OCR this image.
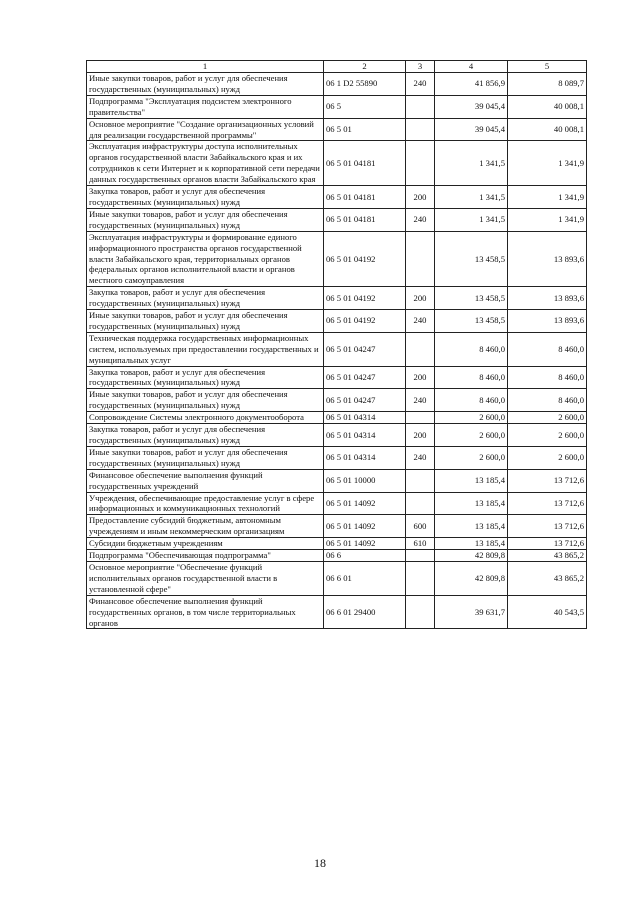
1	2	3	4	5
Иные закупки товаров, работ и услуг для обеспечения государственных (муниципальных) нужд	06 1 D2 55890	240	41 856,9	8 089,7
Подпрограмма "Эксплуатация подсистем электронного правительства"	06 5		39 045,4	40 008,1
Основное мероприятие "Создание организационных условий для реализации государственной программы"	06 5 01		39 045,4	40 008,1
Эксплуатация инфраструктуры доступа исполнительных органов государственной власти Забайкальского края и их сотрудников к сети Интернет и к корпоративной сети передачи данных государственных органов власти Забайкальского края	06 5 01 04181		1 341,5	1 341,9
Закупка товаров, работ и услуг для обеспечения государственных (муниципальных) нужд	06 5 01 04181	200	1 341,5	1 341,9
Иные закупки товаров, работ и услуг для обеспечения государственных (муниципальных) нужд	06 5 01 04181	240	1 341,5	1 341,9
Эксплуатация инфраструктуры и формирование единого информационного пространства органов государственной власти Забайкальского края, территориальных органов федеральных органов исполнительной власти и органов местного самоуправления	06 5 01 04192		13 458,5	13 893,6
Закупка товаров, работ и услуг для обеспечения государственных (муниципальных) нужд	06 5 01 04192	200	13 458,5	13 893,6
Иные закупки товаров, работ и услуг для обеспечения государственных (муниципальных) нужд	06 5 01 04192	240	13 458,5	13 893,6
Техническая поддержка государственных информационных систем, используемых при предоставлении государственных и муниципальных услуг	06 5 01 04247		8 460,0	8 460,0
Закупка товаров, работ и услуг для обеспечения государственных (муниципальных) нужд	06 5 01 04247	200	8 460,0	8 460,0
Иные закупки товаров, работ и услуг для обеспечения государственных (муниципальных) нужд	06 5 01 04247	240	8 460,0	8 460,0
Сопровождение Системы электронного документооборота	06 5 01 04314		2 600,0	2 600,0
Закупка товаров, работ и услуг для обеспечения государственных (муниципальных) нужд	06 5 01 04314	200	2 600,0	2 600,0
Иные закупки товаров, работ и услуг для обеспечения государственных (муниципальных) нужд	06 5 01 04314	240	2 600,0	2 600,0
Финансовое обеспечение выполнения функций государственных учреждений	06 5 01 10000		13 185,4	13 712,6
Учреждения, обеспечивающие предоставление услуг в сфере информационных и коммуникационных технологий	06 5 01 14092		13 185,4	13 712,6
Предоставление субсидий бюджетным, автономным учреждениям и иным некоммерческим организациям	06 5 01 14092	600	13 185,4	13 712,6
Субсидии бюджетным учреждениям	06 5 01 14092	610	13 185,4	13 712,6
Подпрограмма "Обеспечивающая подпрограмма"	06 6		42 809,8	43 865,2
Основное мероприятие "Обеспечение функций исполнительных органов государственной власти в установленной сфере"	06 6 01		42 809,8	43 865,2
Финансовое обеспечение выполнения функций государственных органов, в том числе территориальных органов	06 6 01 29400		39 631,7	40 543,5
18
